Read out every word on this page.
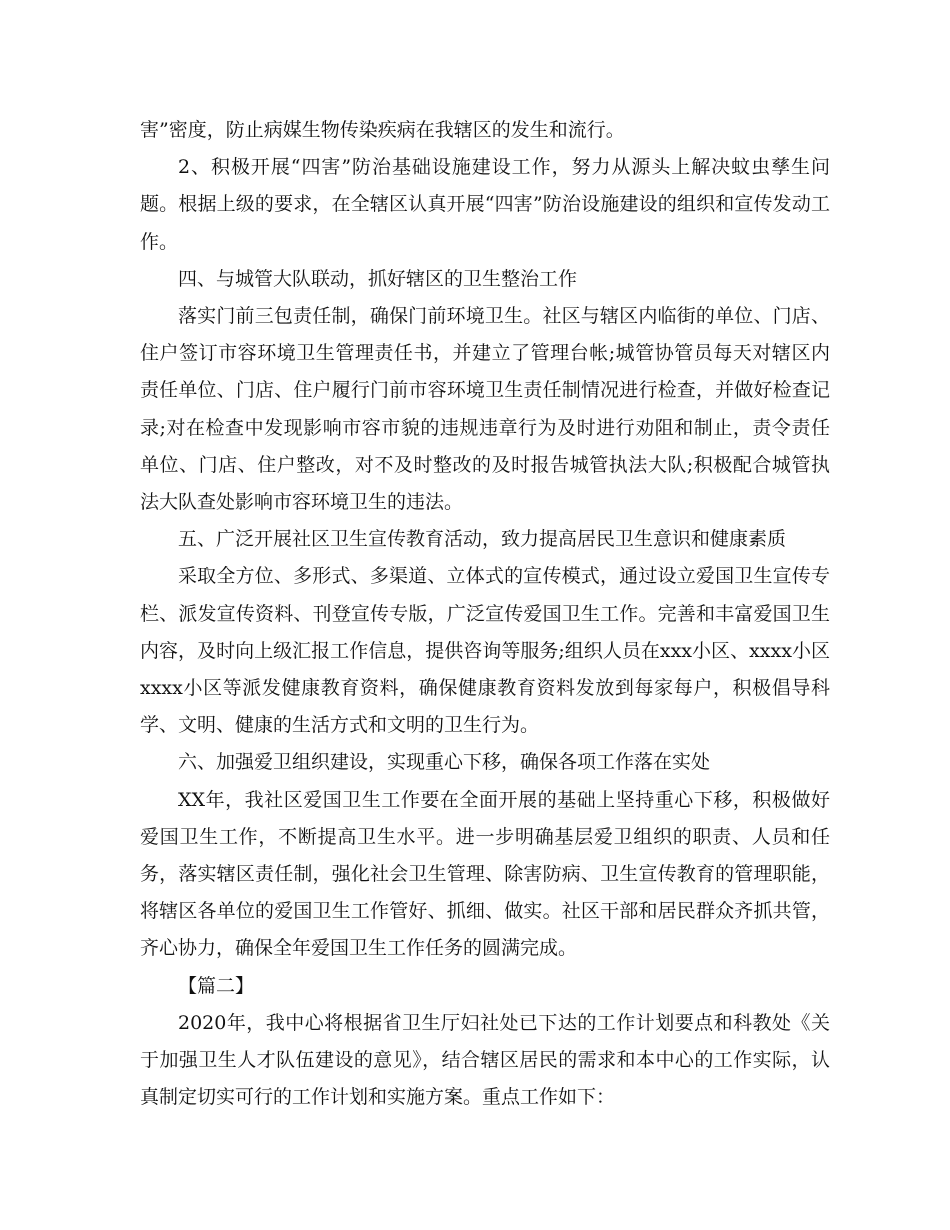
害”密度，防止病媒生物传染疾病在我辖区的发生和流行。

2、积极开展“四害”防治基础设施建设工作，努力从源头上解决蚊虫孳生问题。根据上级的要求，在全辖区认真开展“四害”防治设施建设的组织和宣传发动工作。

四、与城管大队联动，抓好辖区的卫生整治工作

落实门前三包责任制，确保门前环境卫生。社区与辖区内临街的单位、门店、住户签订市容环境卫生管理责任书，并建立了管理台帐;城管协管员每天对辖区内责任单位、门店、住户履行门前市容环境卫生责任制情况进行检查，并做好检查记录;对在检查中发现影响市容市貌的违规违章行为及时进行劝阻和制止，责令责任单位、门店、住户整改，对不及时整改的及时报告城管执法大队;积极配合城管执法大队查处影响市容环境卫生的违法。

五、广泛开展社区卫生宣传教育活动，致力提高居民卫生意识和健康素质

采取全方位、多形式、多渠道、立体式的宣传模式，通过设立爱国卫生宣传专栏、派发宣传资料、刊登宣传专版，广泛宣传爱国卫生工作。完善和丰富爱国卫生内容，及时向上级汇报工作信息，提供咨询等服务;组织人员在xxx小区、xxxx小区xxxx小区等派发健康教育资料，确保健康教育资料发放到每家每户，积极倡导科学、文明、健康的生活方式和文明的卫生行为。

六、加强爱卫组织建设，实现重心下移，确保各项工作落在实处

XX年，我社区爱国卫生工作要在全面开展的基础上坚持重心下移，积极做好爱国卫生工作，不断提高卫生水平。进一步明确基层爱卫组织的职责、人员和任务，落实辖区责任制，强化社会卫生管理、除害防病、卫生宣传教育的管理职能，将辖区各单位的爱国卫生工作管好、抓细、做实。社区干部和居民群众齐抓共管，齐心协力，确保全年爱国卫生工作任务的圆满完成。

【篇二】

2020年，我中心将根据省卫生厅妇社处已下达的工作计划要点和科教处《关于加强卫生人才队伍建设的意见》，结合辖区居民的需求和本中心的工作实际，认真制定切实可行的工作计划和实施方案。重点工作如下：
